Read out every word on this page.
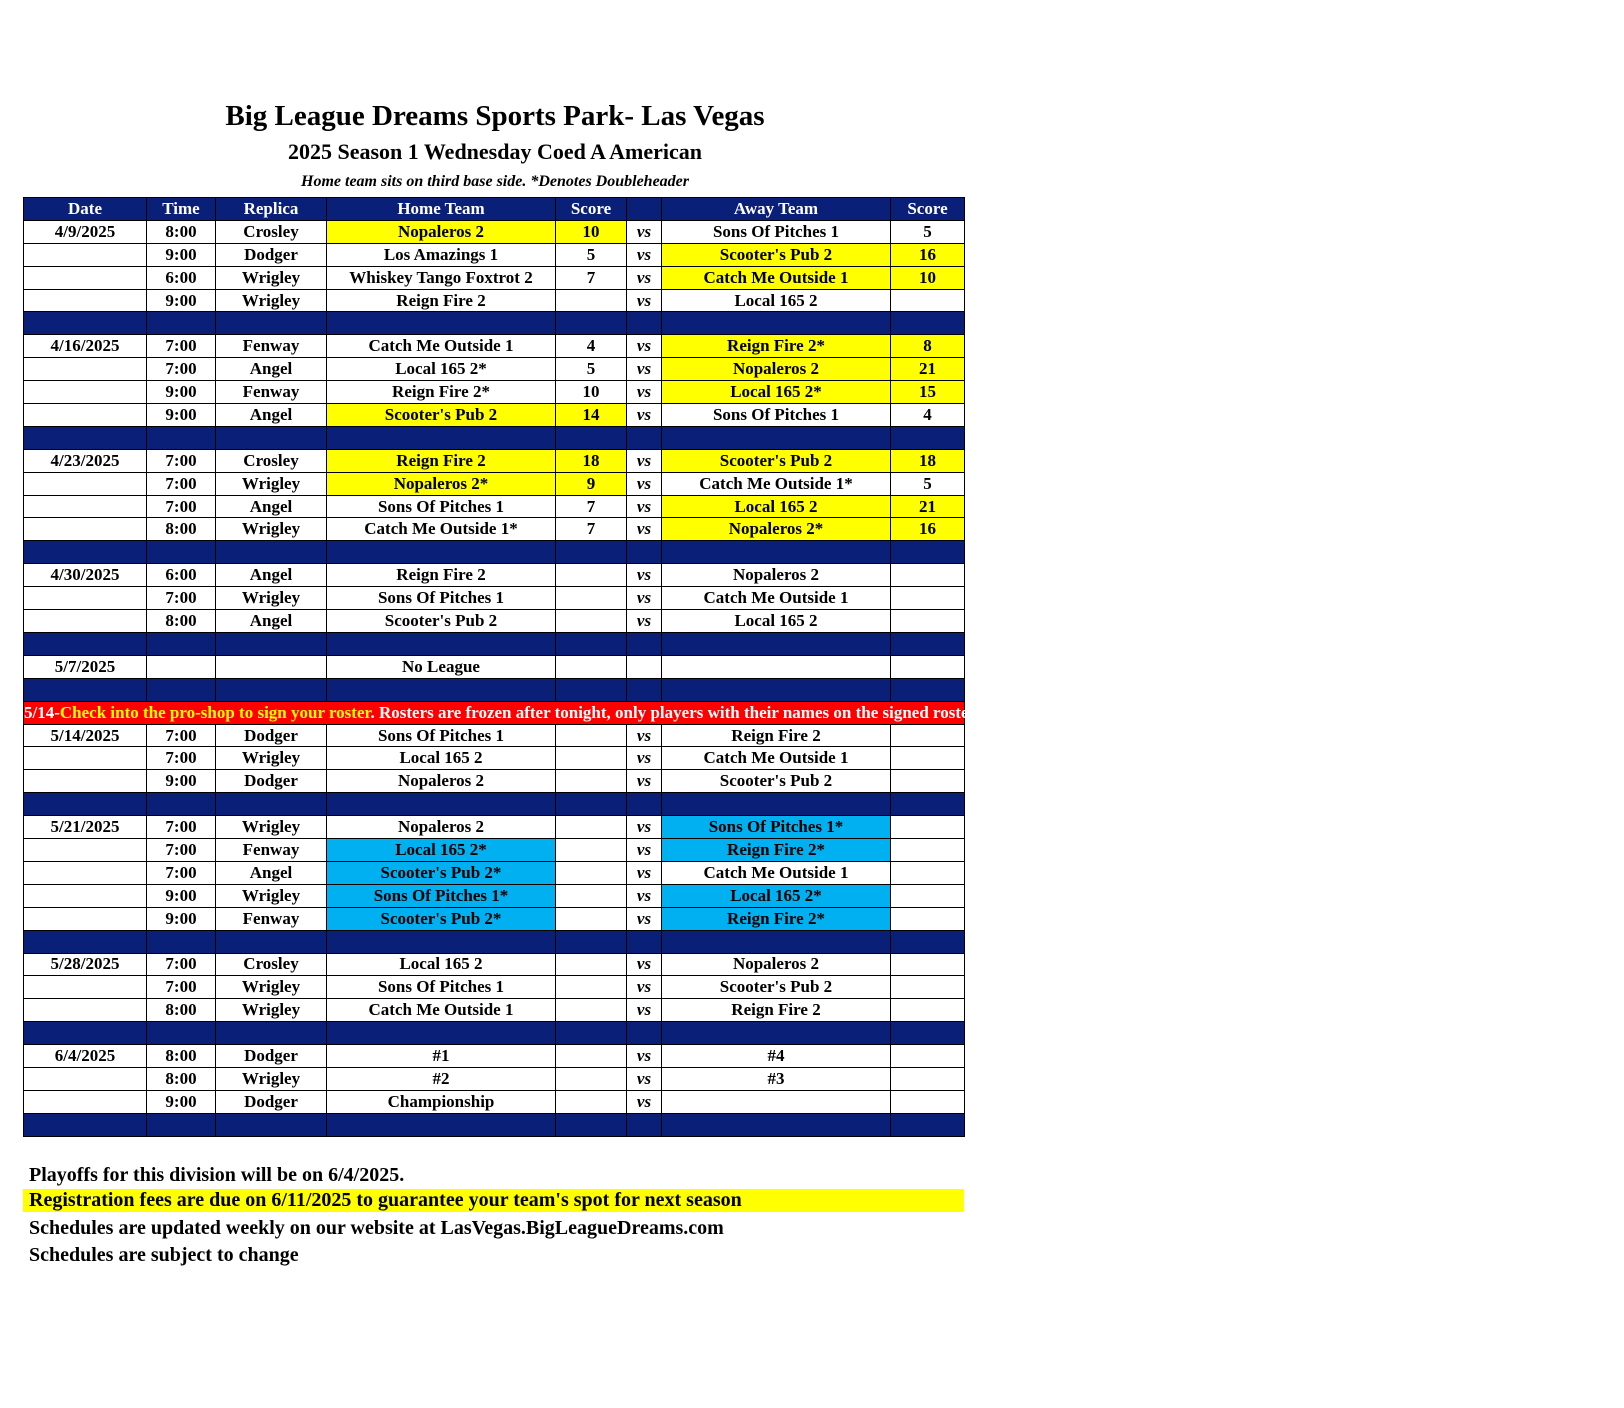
Big League Dreams Sports Park- Las Vegas
2025 Season 1 Wednesday Coed A American
Home team sits on third base side. *Denotes Doubleheader
Date	Time	Replica	Home Team	Score		Away Team	Score
4/9/2025	8:00	Crosley	Nopaleros 2	10	vs	Sons Of Pitches 1	5
	9:00	Dodger	Los Amazings 1	5	vs	Scooter's Pub 2	16
	6:00	Wrigley	Whiskey Tango Foxtrot 2	7	vs	Catch Me Outside 1	10
	9:00	Wrigley	Reign Fire 2		vs	Local 165 2	

4/16/2025	7:00	Fenway	Catch Me Outside 1	4	vs	Reign Fire 2*	8
	7:00	Angel	Local 165 2*	5	vs	Nopaleros 2	21
	9:00	Fenway	Reign Fire 2*	10	vs	Local 165 2*	15
	9:00	Angel	Scooter's Pub 2	14	vs	Sons Of Pitches 1	4

4/23/2025	7:00	Crosley	Reign Fire 2	18	vs	Scooter's Pub 2	18
	7:00	Wrigley	Nopaleros 2*	9	vs	Catch Me Outside 1*	5
	7:00	Angel	Sons Of Pitches 1	7	vs	Local 165 2	21
	8:00	Wrigley	Catch Me Outside 1*	7	vs	Nopaleros 2*	16

4/30/2025	6:00	Angel	Reign Fire 2		vs	Nopaleros 2	
	7:00	Wrigley	Sons Of Pitches 1		vs	Catch Me Outside 1	
	8:00	Angel	Scooter's Pub 2		vs	Local 165 2	

5/7/2025			No League				

5/14-Check into the pro-shop to sign your roster. Rosters are frozen after tonight, only players with their names on the signed roster are eligible for playoffs. Please check carefully as changes will not be made for omissions.							
5/14/2025	7:00	Dodger	Sons Of Pitches 1		vs	Reign Fire 2	
	7:00	Wrigley	Local 165 2		vs	Catch Me Outside 1	
	9:00	Dodger	Nopaleros 2		vs	Scooter's Pub 2	

5/21/2025	7:00	Wrigley	Nopaleros 2		vs	Sons Of Pitches 1*	
	7:00	Fenway	Local 165 2*		vs	Reign Fire 2*	
	7:00	Angel	Scooter's Pub 2*		vs	Catch Me Outside 1	
	9:00	Wrigley	Sons Of Pitches 1*		vs	Local 165 2*	
	9:00	Fenway	Scooter's Pub 2*		vs	Reign Fire 2*	

5/28/2025	7:00	Crosley	Local 165 2		vs	Nopaleros 2	
	7:00	Wrigley	Sons Of Pitches 1		vs	Scooter's Pub 2	
	8:00	Wrigley	Catch Me Outside 1		vs	Reign Fire 2	

6/4/2025	8:00	Dodger	#1		vs	#4	
	8:00	Wrigley	#2		vs	#3	
	9:00	Dodger	Championship		vs		

Playoffs for this division will be on 6/4/2025.
Registration fees are due on 6/11/2025 to guarantee your team's spot for next season
Schedules are updated weekly on our website at LasVegas.BigLeagueDreams.com
Schedules are subject to change
